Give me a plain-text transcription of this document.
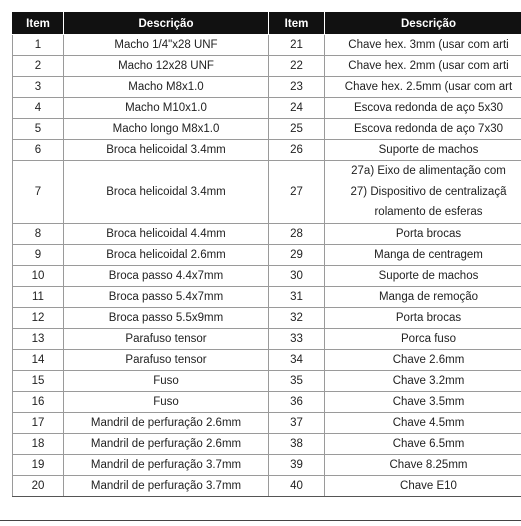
Item	Descrição	Item	Descrição
1	Macho 1/4"x28 UNF	21	Chave hex. 3mm (usar com arti
2	Macho 12x28 UNF	22	Chave hex. 2mm (usar com arti
3	Macho M8x1.0	23	Chave hex. 2.5mm (usar com art
4	Macho M10x1.0	24	Escova redonda de aço 5x30
5	Macho longo M8x1.0	25	Escova redonda de aço 7x30
6	Broca helicoidal 3.4mm	26	Suporte de machos
7	Broca helicoidal 3.4mm	27	27a) Eixo de alimentação com
27) Dispositivo de centralizaçã
rolamento de esferas

8	Broca helicoidal 4.4mm	28	Porta brocas
9	Broca helicoidal 2.6mm	29	Manga de centragem
10	Broca passo 4.4x7mm	30	Suporte de machos
11	Broca passo 5.4x7mm	31	Manga de remoção
12	Broca passo 5.5x9mm	32	Porta brocas
13	Parafuso tensor	33	Porca fuso
14	Parafuso tensor	34	Chave 2.6mm
15	Fuso	35	Chave 3.2mm
16	Fuso	36	Chave 3.5mm
17	Mandril de perfuração 2.6mm	37	Chave 4.5mm
18	Mandril de perfuração 2.6mm	38	Chave 6.5mm
19	Mandril de perfuração 3.7mm	39	Chave 8.25mm
20	Mandril de perfuração 3.7mm	40	Chave E10
